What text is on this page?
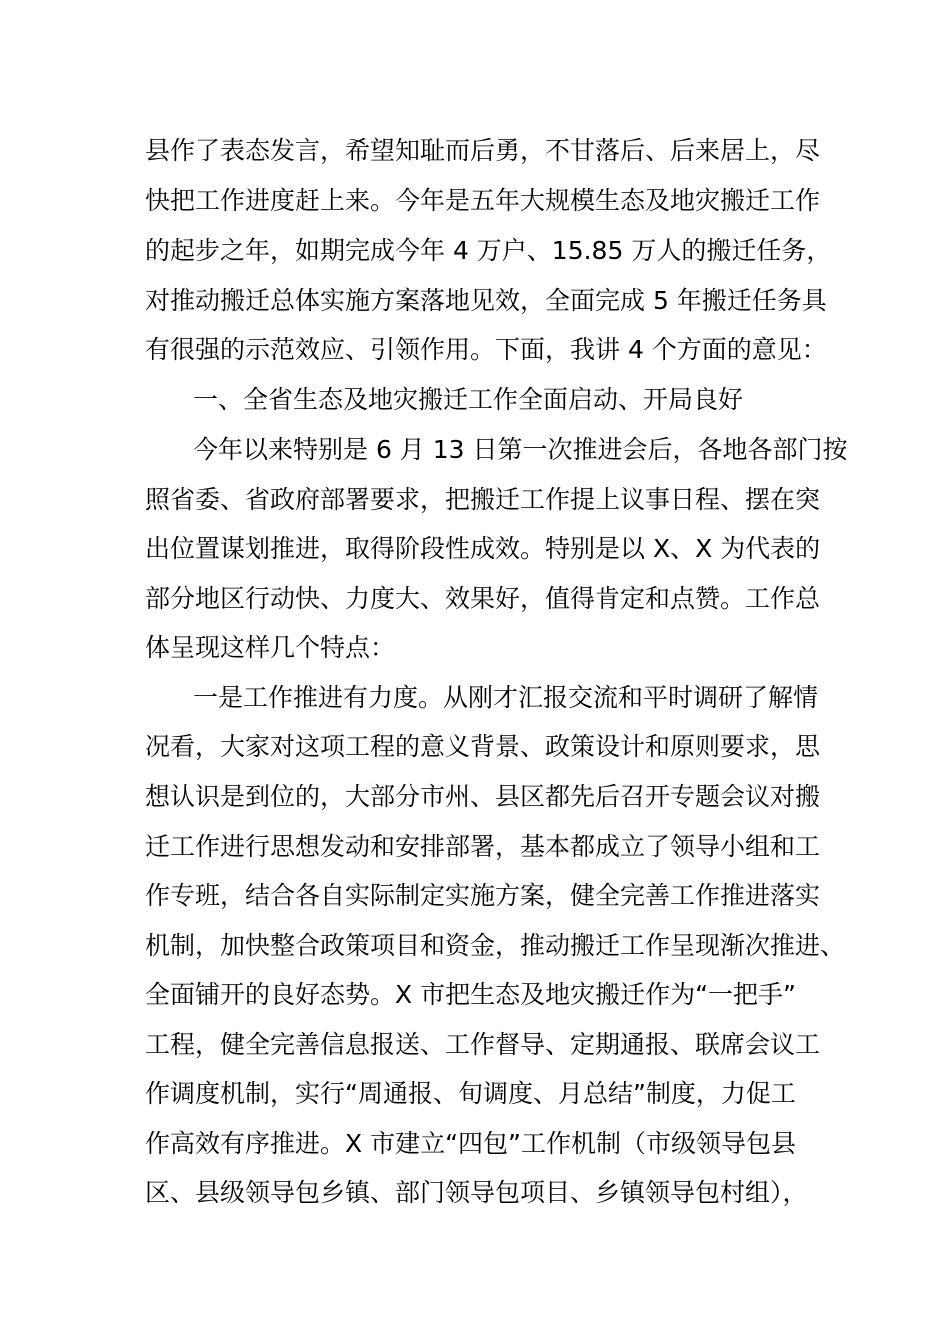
县作了表态发言，希望知耻而后勇，不甘落后、后来居上，尽

快把工作进度赶上来。今年是五年大规模生态及地灾搬迁工作

的起步之年，如期完成今年 4 万户、15.85 万人的搬迁任务，

对推动搬迁总体实施方案落地见效，全面完成 5 年搬迁任务具

有很强的示范效应、引领作用。下面，我讲 4 个方面的意见：

一、全省生态及地灾搬迁工作全面启动、开局良好

今年以来特别是 6 月 13 日第一次推进会后，各地各部门按

照省委、省政府部署要求，把搬迁工作提上议事日程、摆在突

出位置谋划推进，取得阶段性成效。特别是以 X、X 为代表的

部分地区行动快、力度大、效果好，值得肯定和点赞。工作总

体呈现这样几个特点：

一是工作推进有力度。从刚才汇报交流和平时调研了解情

况看，大家对这项工程的意义背景、政策设计和原则要求，思

想认识是到位的，大部分市州、县区都先后召开专题会议对搬

迁工作进行思想发动和安排部署，基本都成立了领导小组和工

作专班，结合各自实际制定实施方案，健全完善工作推进落实

机制，加快整合政策项目和资金，推动搬迁工作呈现渐次推进、

全面铺开的良好态势。X 市把生态及地灾搬迁作为“一把手”

工程，健全完善信息报送、工作督导、定期通报、联席会议工

作调度机制，实行“周通报、旬调度、月总结”制度，力促工

作高效有序推进。X 市建立“四包”工作机制（市级领导包县

区、县级领导包乡镇、部门领导包项目、乡镇领导包村组），
